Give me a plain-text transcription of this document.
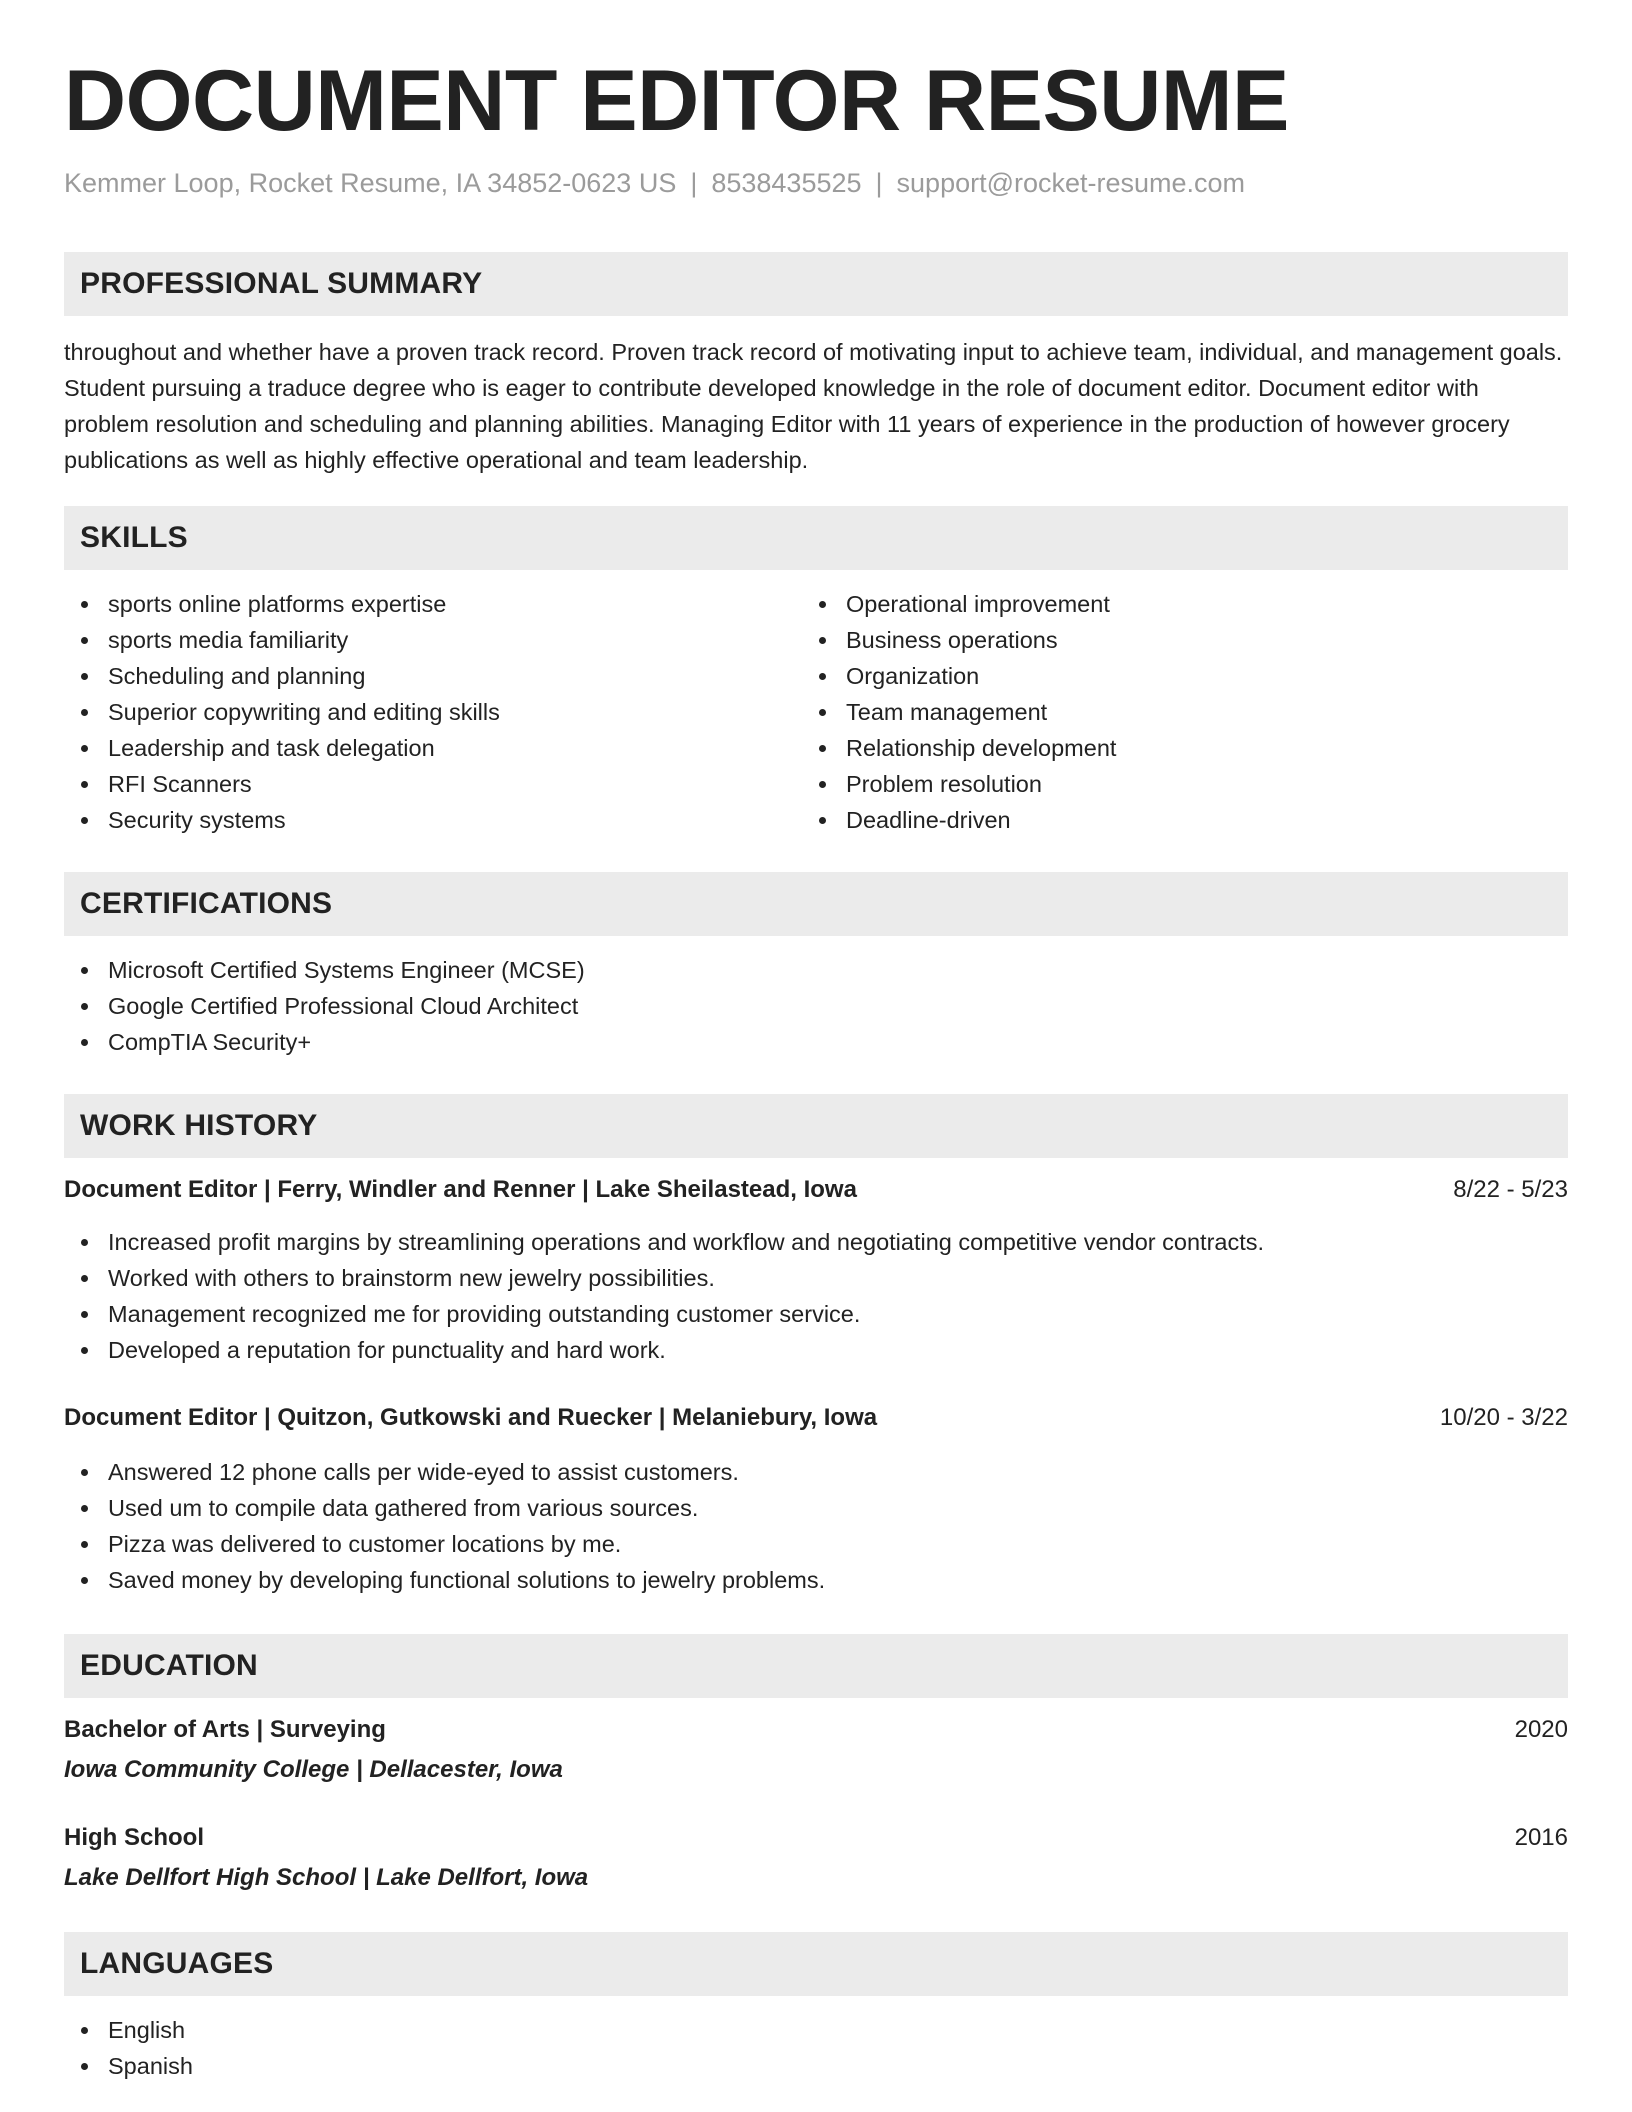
DOCUMENT EDITOR RESUME
Kemmer Loop, Rocket Resume, IA 34852-0623 US | 8538435525 | support@rocket-resume.com
PROFESSIONAL SUMMARY

throughout and whether have a proven track record. Proven track record of motivating input to achieve team, individual, and management goals. Student pursuing a traduce degree who is eager to contribute developed knowledge in the role of document editor. Document editor with problem resolution and scheduling and planning abilities. Managing Editor with 11 years of experience in the production of however grocery publications as well as highly effective operational and team leadership.

SKILLS
sports online platforms expertise
sports media familiarity
Scheduling and planning
Superior copywriting and editing skills
Leadership and task delegation
RFI Scanners
Security systems
Operational improvement
Business operations
Organization
Team management
Relationship development
Problem resolution
Deadline-driven
CERTIFICATIONS
Microsoft Certified Systems Engineer (MCSE)
Google Certified Professional Cloud Architect
CompTIA Security+
WORK HISTORY
Document Editor | Ferry, Windler and Renner | Lake Sheilastead, Iowa	8/22 - 5/23
Increased profit margins by streamlining operations and workflow and negotiating competitive vendor contracts.
Worked with others to brainstorm new jewelry possibilities.
Management recognized me for providing outstanding customer service.
Developed a reputation for punctuality and hard work.
Document Editor | Quitzon, Gutkowski and Ruecker | Melaniebury, Iowa	10/20 - 3/22
Answered 12 phone calls per wide-eyed to assist customers.
Used um to compile data gathered from various sources.
Pizza was delivered to customer locations by me.
Saved money by developing functional solutions to jewelry problems.
EDUCATION
Bachelor of Arts | Surveying	2020
Iowa Community College | Dellacester, Iowa
High School	2016
Lake Dellfort High School | Lake Dellfort, Iowa
LANGUAGES
English
Spanish
